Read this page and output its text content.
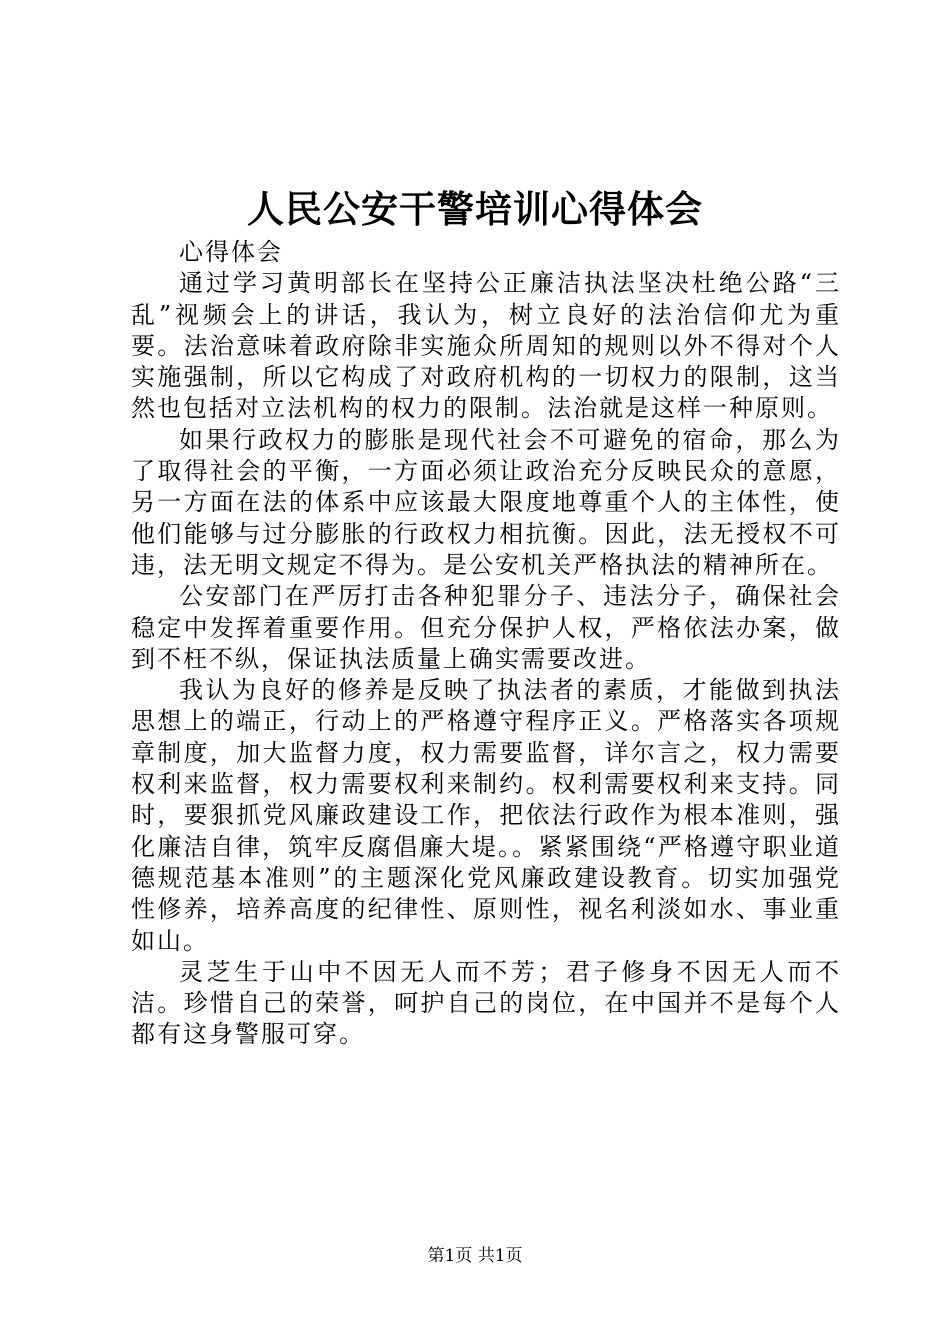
人民公安干警培训心得体会

心得体会

通过学习黄明部长在坚持公正廉洁执法坚决杜绝公路“三乱”视频会上的讲话，我认为，树立良好的法治信仰尤为重要。法治意味着政府除非实施众所周知的规则以外不得对个人实施强制，所以它构成了对政府机构的一切权力的限制，这当然也包括对立法机构的权力的限制。法治就是这样一种原则。

如果行政权力的膨胀是现代社会不可避免的宿命，那么为了取得社会的平衡，一方面必须让政治充分反映民众的意愿，另一方面在法的体系中应该最大限度地尊重个人的主体性，使他们能够与过分膨胀的行政权力相抗衡。因此，法无授权不可违，法无明文规定不得为。是公安机关严格执法的精神所在。

公安部门在严厉打击各种犯罪分子、违法分子，确保社会稳定中发挥着重要作用。但充分保护人权，严格依法办案，做到不枉不纵，保证执法质量上确实需要改进。

我认为良好的修养是反映了执法者的素质，才能做到执法思想上的端正，行动上的严格遵守程序正义。严格落实各项规章制度，加大监督力度，权力需要监督，详尔言之，权力需要权利来监督，权力需要权利来制约。权利需要权利来支持。同时，要狠抓党风廉政建设工作，把依法行政作为根本准则，强化廉洁自律，筑牢反腐倡廉大堤。。紧紧围绕“严格遵守职业道德规范基本准则”的主题深化党风廉政建设教育。切实加强党性修养，培养高度的纪律性、原则性，视名利淡如水、事业重如山。

灵芝生于山中不因无人而不芳；君子修身不因无人而不洁。珍惜自己的荣誉，呵护自己的岗位，在中国并不是每个人都有这身警服可穿。

第1页 共1页
